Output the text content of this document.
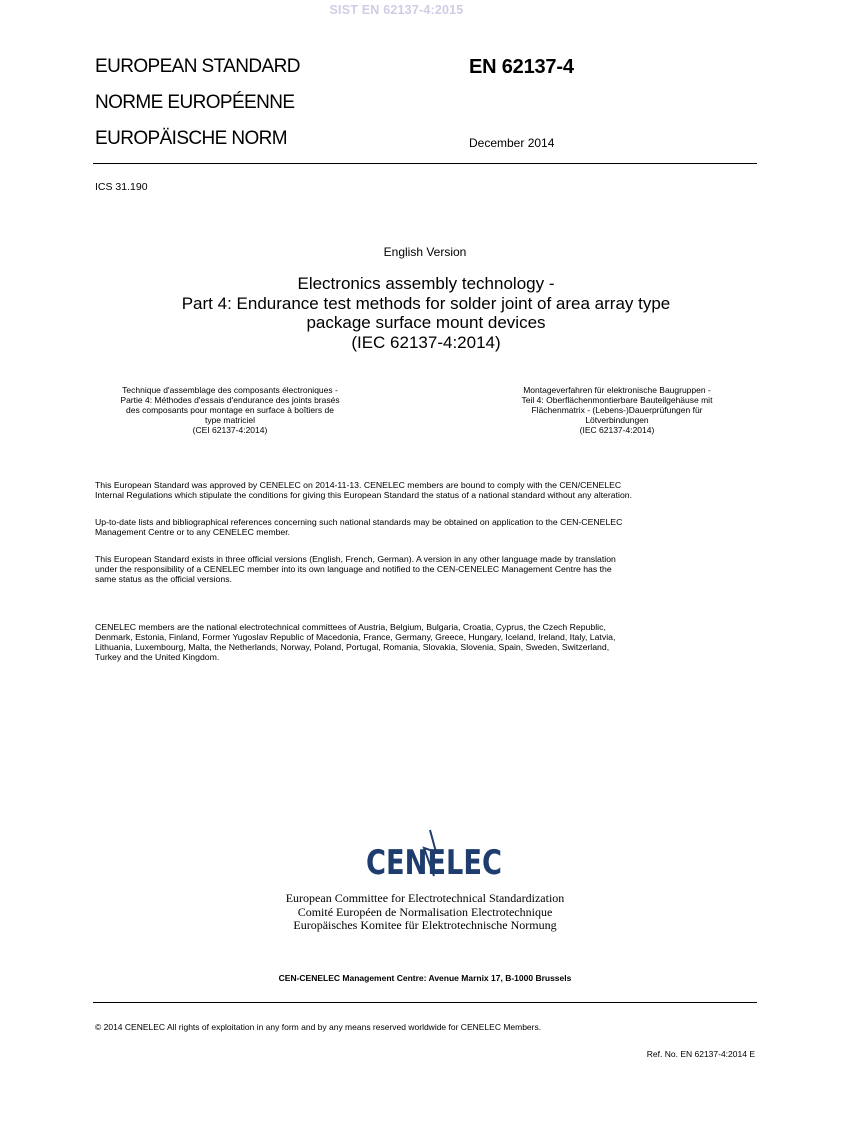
SIST EN 62137-4:2015
EUROPEAN STANDARD
NORME EUROPÉENNE
EUROPÄISCHE NORM
EN 62137-4
December 2014
ICS 31.190
English Version
Electronics assembly technology -
Part 4: Endurance test methods for solder joint of area array type
package surface mount devices
(IEC 62137-4:2014)
Technique d'assemblage des composants électroniques -
Partie 4: Méthodes d'essais d'endurance des joints brasés
des composants pour montage en surface à boîtiers de
type matriciel
(CEI 62137-4:2014)
Montageverfahren für elektronische Baugruppen -
Teil 4: Oberflächenmontierbare Bauteilgehäuse mit
Flächenmatrix - (Lebens-)Dauerprüfungen für
Lötverbindungen
(IEC 62137-4:2014)
This European Standard was approved by CENELEC on 2014-11-13. CENELEC members are bound to comply with the CEN/CENELEC
Internal Regulations which stipulate the conditions for giving this European Standard the status of a national standard without any alteration.
Up-to-date lists and bibliographical references concerning such national standards may be obtained on application to the CEN-CENELEC
Management Centre or to any CENELEC member.
This European Standard exists in three official versions (English, French, German). A version in any other language made by translation
under the responsibility of a CENELEC member into its own language and notified to the CEN-CENELEC Management Centre has the
same status as the official versions.
CENELEC members are the national electrotechnical committees of Austria, Belgium, Bulgaria, Croatia, Cyprus, the Czech Republic,
Denmark, Estonia, Finland, Former Yugoslav Republic of Macedonia, France, Germany, Greece, Hungary, Iceland, Ireland, Italy, Latvia,
Lithuania, Luxembourg, Malta, the Netherlands, Norway, Poland, Portugal, Romania, Slovakia, Slovenia, Spain, Sweden, Switzerland,
Turkey and the United Kingdom.
CENELEC
European Committee for Electrotechnical Standardization
Comité Européen de Normalisation Electrotechnique
Europäisches Komitee für Elektrotechnische Normung
CEN-CENELEC Management Centre: Avenue Marnix 17, B-1000 Brussels
© 2014 CENELEC All rights of exploitation in any form and by any means reserved worldwide for CENELEC Members.
Ref. No. EN 62137-4:2014 E
